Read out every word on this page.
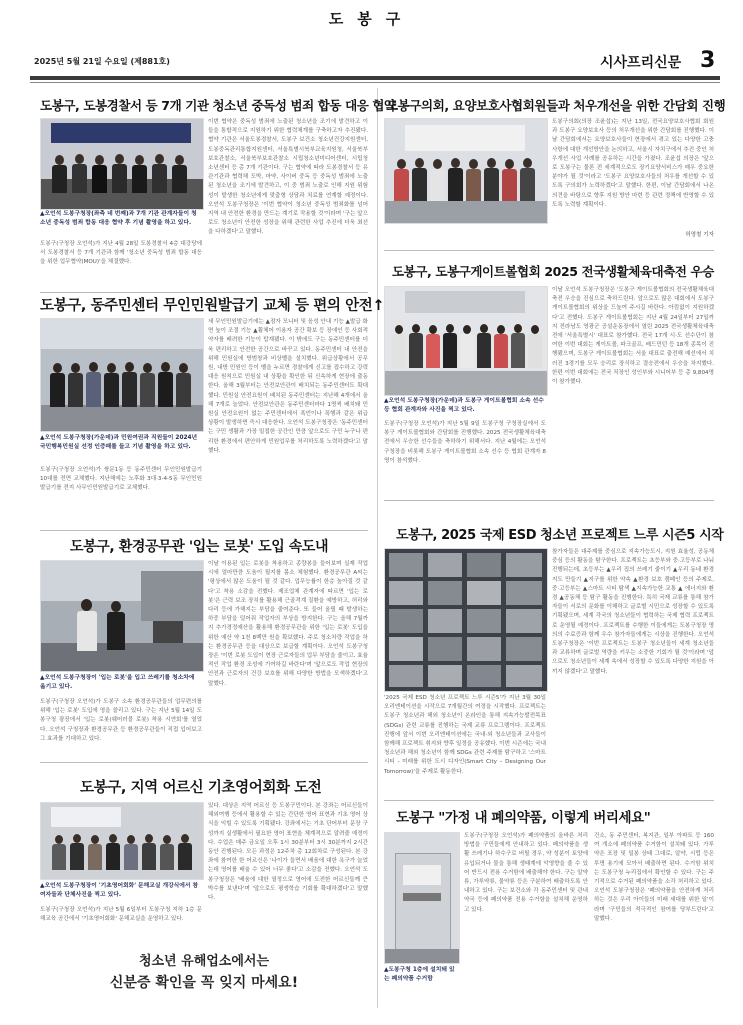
도봉구
2025년 5월 21일 수요일 (제881호)	시사프리신문 3
도봉구, 도봉경찰서 등 7개 기관 청소년 중독성 범죄 합동 대응 협약
▲오언석 도봉구청장(좌측 네 번째)과 7개 기관 관계자들이 청소년 중독성 범죄 합동 대응 협약 후 기념 촬영을 하고 있다.
도봉구(구청장 오언석)가 지난 4월 28일 도봉경찰서 4층 대강당에서 도봉경찰서 등 7개 기관과 함께 '청소년 중독성 범죄 합동 대응을 위한 업무협약(MOU)'을 체결했다.
이번 협약은 중독성 범죄에 노출된 청소년을 조기에 발견하고 이들을 통합적으로 지원하기 위한 협력체계를 구축하고자 추진됐다. 협약 기관은 서울도봉경찰서, 도봉구 보건소 청소년건강지원센터, 도봉중독관리통합지원센터, 서울특별시북부교육지원청, 서울북부보호관찰소, 서울북부보호관찰소 시립청소년미디어센터, 시립청소년센터 등 총 7개 기관이다. 구는 협약에 따라 도봉경찰서 등 유관기관과 협력해 도박, 마약, 사이버 중독 등 중독성 범죄에 노출된 청소년을 조기에 발견하고, 이 중 범죄 노출로 인해 지원 위험성이 발생한 청소년에게 맞춤형 상담과 치료를 연계할 예정이다. 오언석 도봉구청장은 '이번 협약이 청소년 중독성 범죄화를 넘어 지역 내 안전한 환경을 만드는 계기로 작용할 것'이라며 '구는 앞으로도 청소년이 안전한 성장을 위해 관련한 사업 추진에 더욱 최선을 다하겠다'고 말했다.
도봉구, 동주민센터 무인민원발급기 교체 등 편의 안전↑
▲오언석 도봉구청장(가운데)과 민원여권과 직원들이 2024년 국민행복민원실 선정 인증패를 들고 기념 촬영을 하고 있다.
도봉구(구청장 오언석)가 쌍문1동 등 동주민센터 무인민원발급기 10대를 전면 교체했다. 지난해에는 노후화 3대·3-4-5동 무인민원발급기를 전지 사무인민원발급기로 교체했다.
새 무인민원발급기에는 ▲점자 모니터 및 음성 안내 기능 ▲발급 화면 높이 조절 기능 ▲휠체어 이용자 공간 확보 등 장애인 등 사회적 약자를 배려한 기능이 탑재됐다. 이 밖에도 구는 동주민센터를 더욱 편리하고 안전한 공간으로 바꾸고 있다. 동주민센터 내 안전을 위해 민원실에 방범창과 비상벨을 설치했다. 위급상황에서 공무원, 내방 민원인 등이 벨을 누르면 경찰에게 신고를 접수하고 강력대응 원칙으로 민원실 내 상황을 확인한 뒤 신속하게 현장에 출동한다. 올해 3월부터는 안전보안관이 배치되는 동주민센터도 확대했다. 민원실 안전요원이 배치된 동주민센터는 지난해 4개에서 올해 7개로 늘었다. 안전보안관은 동주민센터마다 1명씩 배치돼 민원실 안전요원이 없는 주민센터에서 폭언이나 폭행과 같은 위급 상황이 발생하면 즉시 대응한다. 오언석 도봉구청장은 '동주민센터는 구민 생활과 가장 밀접한 공간인 만큼 앞으로도 구민 누구나 편리한 환경에서 편안하게 민원업무를 처리하도록 노력하겠다'고 말했다.
도봉구, 환경공무관 '입는 로봇' 도입 속도내
▲오언석 도봉구청장이 '입는 로봇'을 입고 쓰레기를 청소차에 옮기고 있다.
도봉구(구청장 오언석)가 도봉구 소속 환경공무관들의 업무편의를 위해 '입는 로봇' 도입에 영을 쓸리고 있다. 구는 지난 5월 14일 도봉구청 광장에서 '입는 로봇(웨어러블 로봇) 착용 시연회'를 열었다. 오언석 구청장과 환경공무관 등 환경공무관들이 직접 입어보고 그 효과를 기대하고 있다.
이날 이용된 입는 로봇을 착용하고 종량봉을 들어보며 실제 작업 시에 얼마만큼 도움이 될지를 몸소 체험했다. 환경공무관 A씨는 '평상에서 많은 도움이 될 것 같다. 업무능률이 한층 높아질 것 같다'고 착용 소감을 전했다. 제조업체 관계자에 따르면 '입는 로봇'은 근력 보조 장치를 활용해 근골격계 질환을 예방하고, 허리와 다리 등에 가해지는 부담을 줄여준다. 또 들어 올릴 때 발생하는 하중 부담을 덜어줘 작업자의 부상을 방지한다. 구는 올해 7월까지 추가경정예산을 활용해 환경공무관을 위한 '입는 로봇' 도입을 위한 예산 약 1천 8백만 원을 확보했다. 주로 청소차량 작업을 하는 환경공무관 등을 대상으로 보급할 계획이다. 오언석 도봉구청장은 '이번 로봇 도입이 현장 근로자들의 업무 부담을 줄이고, 효율적인 작업 환경 조성에 기여하길 바란다'며 '앞으로도 작업 현장의 안전과 근로자의 건강 보호를 위해 다양한 방법을 모색하겠다'고 말했다.
도봉구, 지역 어르신 기초영어회화 도전
▲오언석 도봉구청장이 '기초영어회화' 문해교실 개강식에서 참여자들과 단체사진을 찍고 있다.
도봉구(구청장 오언석)가 지난 5월 6일부터 도봉구청 지하 1층 문해교육 공간에서 '기초영어회화' 문해교실을 운영하고 있다.
있다. 대상은 지역 어르신 등 도봉구민이다. 본 강좌는 어르신들이 해외여행 등에서 활용할 수 있는 간단한 영어 표현과 기초 영어 상식을 익힐 수 있도록 기획됐다. 강좌에서는 기초 단어부터 문장 구성까지 실생활에서 필요한 영어 표현을 체계적으로 알려줄 예정이다. 수업은 매주 금요일 오후 1시 30분부터 3시 30분까지 2시간 동안 진행된다. 모든 과정은 12주차 총 12회차로 구성된다. 본 강좌에 참여한 한 어르신은 '나이가 들면서 배움에 대한 욕구가 늘었는데 영어를 배울 수 있어 너무 좋다'고 소감을 전했다. 오언석 도봉구청장은 '배움에 대한 열정으로 영어에 도전한 어르신들께 큰 박수를 보낸다'며 '앞으로도 평생학습 기회를 확대하겠다'고 말했다.
청소년 유해업소에서는
신분증 확인을 꼭 잊지 마세요!
도봉구의회, 요양보호사협회원들과 처우개선을 위한 간담회 진행
도봉구의회(의장 조윤섭)는 지난 13일, 전국요양보호사협회 회원과 도봉구 요양보호사 등의 처우개선을 위한 간담회를 진행했다. 이날 간담회에서는 요양보호사들이 현장에서 겪고 있는 다양한 고충사항에 대한 개선방안을 논의하고, 서울시 자치구에서 추진 중인 처우개선 사업 사례를 공유하는 시간을 가졌다. 조윤섭 의장은 '앞으로 도봉구는 물론 전 세계적으로도 장기요양서비스가 매우 중요한 분야가 될 것'이라고 '도봉구 요양보호사들의 처우를 개선할 수 있도록 구의회가 노력하겠다'고 말했다. 한편, 이날 간담회에서 나온 의견을 바탕으로 향후 지원 방안 마련 등 관련 정책에 반영할 수 있도록 노력할 계획이다.
허영철 기자
도봉구, 도봉구게이트볼협회 2025 전국생활체육대축전 우승
▲오언석 도봉구청장(가운데)과 도봉구 게이트볼협회 소속 선수 등 협회 관계자와 사진을 찍고 있다.
도봉구(구청장 오언석)가 지난 5월 9일 도봉구청 구청장실에서 도봉구 게이트볼협회와 간담회를 진행했다. 2025 전국생활체육대축전에서 우승한 선수들을 축하하기 위해서다. 지난 4월에는 오언석 구청장을 비롯해 도봉구 게이트볼협회 소속 선수 등 협회 관계자 8명이 참석했다.
이날 오언석 도봉구청장은 '도봉구 게이트볼협회의 전국생활체육대축전 우승을 진심으로 축하드린다. 앞으로도 많은 대회에서 도봉구 게이트볼협회의 위상을 드높여 주시길 바란다. 아낌없이 지원하겠다'고 전했다. 도봉구 게이트볼협회는 지난 4월 24일부터 27일까지 전라남도 영광군 공설운동장에서 열린 2025 전국생활체육대축전에 '서울특별시' 대표로 참가했다. 전국 17개 시·도 선수단이 참여한 이번 대회는 게이트볼, 파크골프, 배드민턴 등 18개 종목이 진행됐으며, 도봉구 게이트볼협회는 서울 대표로 출전해 예선에서 치러진 3경기를 모두 승리로 장식하고 결승전에서 우승을 차지했다. 한편 이번 대회에는 전국 직장인 성인부와 시니어부 등 총 9,804명이 참가했다.
도봉구, 2025 국제 ESD 청소년 프로젝트 느루 시즌5 시작
'2025 국제 ESD 청소년 프로젝트 느루 시즌5'가 지난 3월 30일 오리엔테이션을 시작으로 7개월간의 여정을 시작했다. 프로젝트는 도봉구 청소년과 해외 청소년이 온라인을 통해 지속가능발전목표(SDGs) 관련 교류를 진행하는 국제 교류 프로그램이다. 프로젝트 진행에 앞서 이번 오리엔테이션에는 국내·외 청소년들과 교사들이 함께해 프로젝트 취지와 향후 일정을 공유했다. 이번 시즌에는 국내 청소년과 해외 청소년이 함께 SDGs 관련 주제를 탐구하고 '스마트 시티 - 미래를 위한 도시 디자인(Smart City – Designing Our Tomorrow)'을 주제로 활동한다.
참가자들은 대주제를 중심으로 지속가능도시, 지원 효율성, 공동체 중심 등의 활동을 탐구한다. 프로젝트는 초등부와 중·고등부로 나눠 진행되는데, 초등부는 ▲우리 집의 쓰레기 줄이기 ▲우리 동네 환경 지도 만들기 ▲지구를 위한 약속 ▲환경 보호 캠페인 등의 주제로, 중·고등부는 ▲스마트 시티 탐색 ▲지속가능한 교통 ▲ 에너지와 환경 ▲공동체 등 탐구 활동을 진행한다. 특히 국제 교류를 통해 참가자들이 서로의 문화를 이해하고 글로벌 시민으로 성장할 수 있도록 기획됐으며, 세계 각국의 청소년들이 협력하는 국제 협력 프로젝트로 운영될 예정이다. 프로젝트를 수행한 이들에게는 도봉구청장 명의의 수료증과 함께 우수 참가자들에게는 시상을 진행한다. 오언석 도봉구청장은 '이번 프로젝트는 도봉구 청소년들이 세계 청소년들과 교류하며 글로벌 역량을 키우는 소중한 기회가 될 것'이라며 '앞으로도 청소년들이 세계 속에서 성장할 수 있도록 다양한 지원을 아끼지 않겠다'고 말했다.
도봉구 "가정 내 폐의약품, 이렇게 버리세요"
▲도봉구청 1층에 설치돼 있는 폐의약품 수거함
도봉구(구청장 오언석)가 폐의약품의 올바른 처리 방법을 구민들에게 안내하고 있다. 폐의약품을 생활 쓰레기나 하수구로 버릴 경우, 약 성분이 토양에 유입되거나 물을 통해 생태계에 악영향을 줄 수 있어 반드시 전용 수거함에 배출해야 한다. 구는 알약류, 가루약류, 물약류 등은 구분하여 배출하도록 안내하고 있다. 구는 보건소와 각 동주민센터 및 관내 약국 등에 폐의약품 전용 수거함을 설치해 운영하고 있다.
건소, 동 주민센터, 복지관, 일부 아파트 등 160여 개소에 폐의약품 수거함이 설치돼 있다. 가루약은 포장 및 밀봉 상태 그대로, 알약, 시럽 등은 투명 용기에 모아서 배출하면 된다. 수거함 위치는 도봉구청 누리집에서 확인할 수 있다. 구는 주기적으로 수거된 폐의약품을 소각 처리하고 있다. 오언석 도봉구청장은 '폐의약품을 안전하게 처리하는 것은 우리 아이들의 미래 세대를 위한 일'이라며 '구민들의 적극적인 참여를 당부드린다'고 말했다.
